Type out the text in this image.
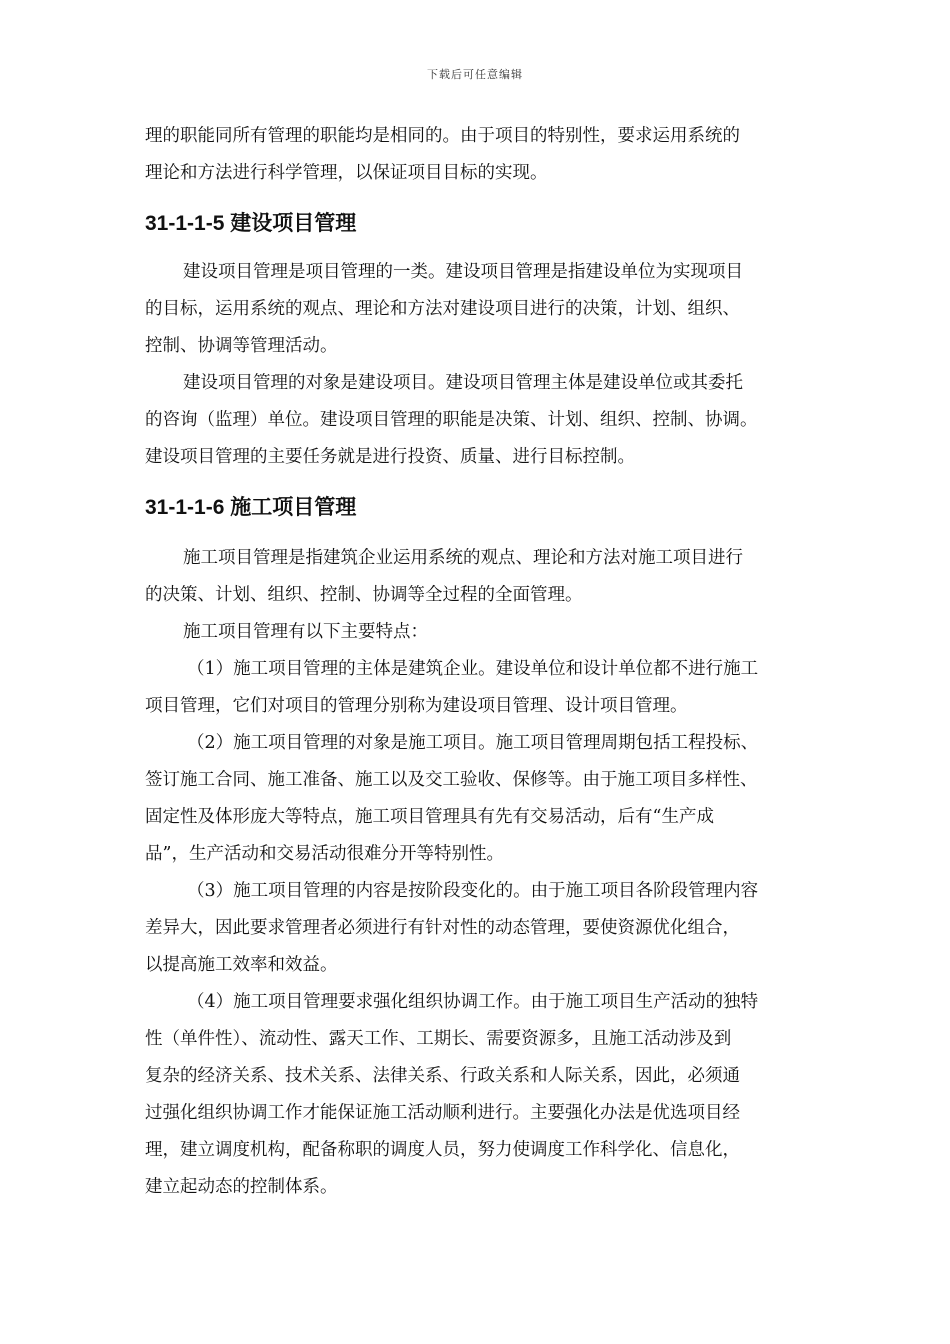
下载后可任意编辑
理的职能同所有管理的职能均是相同的。由于项目的特别性，要求运用系统的
理论和方法进行科学管理，以保证项目目标的实现。
31-1-1-5 建设项目管理
建设项目管理是项目管理的一类。建设项目管理是指建设单位为实现项目
的目标，运用系统的观点、理论和方法对建设项目进行的决策，计划、组织、
控制、协调等管理活动。
建设项目管理的对象是建设项目。建设项目管理主体是建设单位或其委托
的咨询（监理）单位。建设项目管理的职能是决策、计划、组织、控制、协调。
建设项目管理的主要任务就是进行投资、质量、进行目标控制。
31-1-1-6 施工项目管理
施工项目管理是指建筑企业运用系统的观点、理论和方法对施工项目进行
的决策、计划、组织、控制、协调等全过程的全面管理。
施工项目管理有以下主要特点：
（1）施工项目管理的主体是建筑企业。建设单位和设计单位都不进行施工
项目管理，它们对项目的管理分别称为建设项目管理、设计项目管理。
（2）施工项目管理的对象是施工项目。施工项目管理周期包括工程投标、
签订施工合同、施工准备、施工以及交工验收、保修等。由于施工项目多样性、
固定性及体形庞大等特点，施工项目管理具有先有交易活动，后有“生产成
品”，生产活动和交易活动很难分开等特别性。
（3）施工项目管理的内容是按阶段变化的。由于施工项目各阶段管理内容
差异大，因此要求管理者必须进行有针对性的动态管理，要使资源优化组合，
以提高施工效率和效益。
（4）施工项目管理要求强化组织协调工作。由于施工项目生产活动的独特
性（单件性）、流动性、露天工作、工期长、需要资源多，且施工活动涉及到
复杂的经济关系、技术关系、法律关系、行政关系和人际关系，因此，必须通
过强化组织协调工作才能保证施工活动顺利进行。主要强化办法是优选项目经
理，建立调度机构，配备称职的调度人员，努力使调度工作科学化、信息化，
建立起动态的控制体系。
